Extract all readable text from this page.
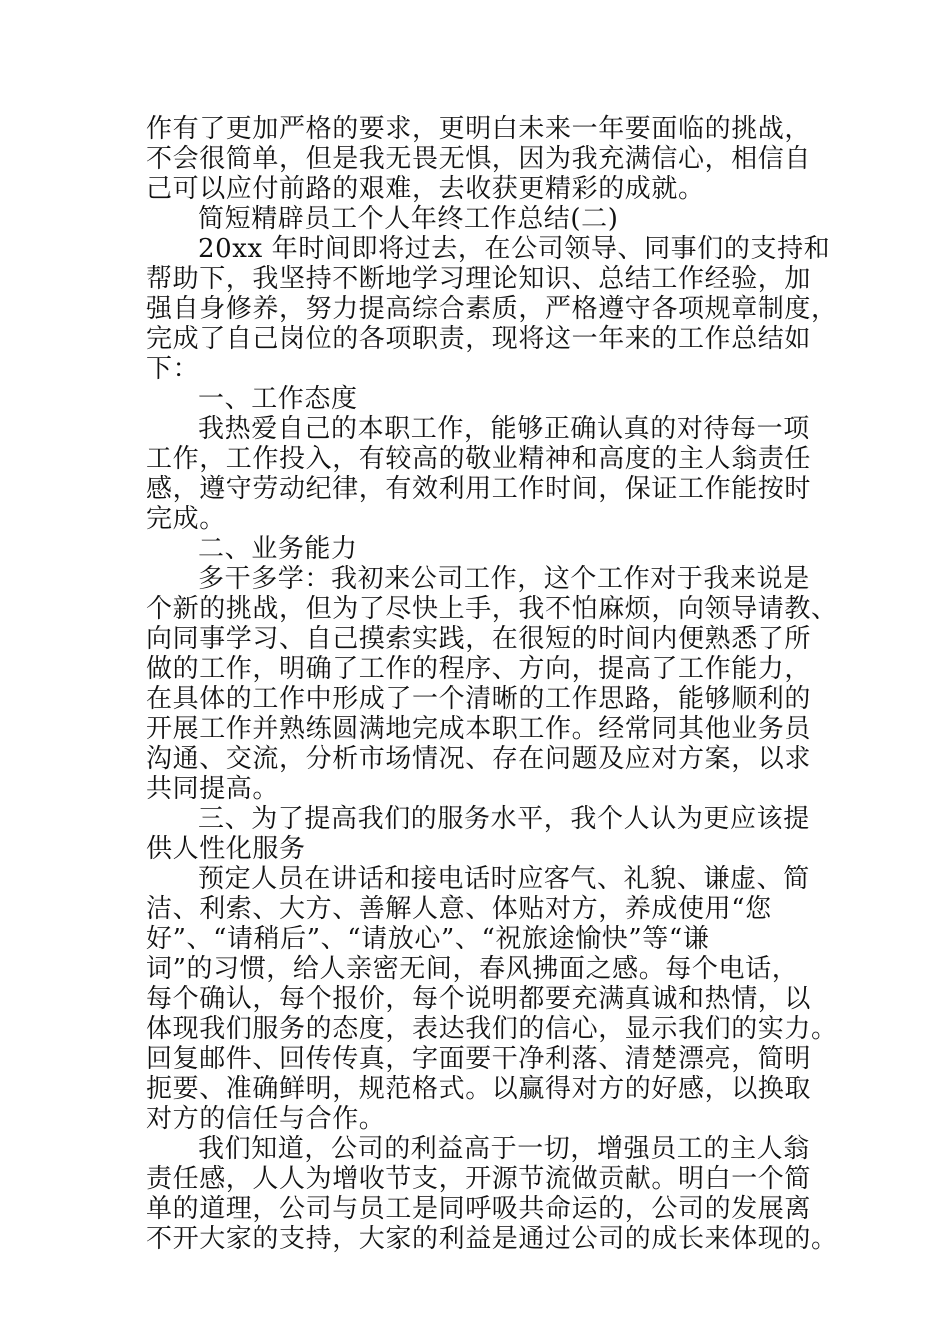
作有了更加严格的要求，更明白未来一年要面临的挑战，
不会很简单，但是我无畏无惧，因为我充满信心，相信自
己可以应付前路的艰难，去收获更精彩的成就。
简短精辟员工个人年终工作总结(二)
20xx 年时间即将过去，在公司领导、同事们的支持和
帮助下，我坚持不断地学习理论知识、总结工作经验，加
强自身修养，努力提高综合素质，严格遵守各项规章制度，
完成了自己岗位的各项职责，现将这一年来的工作总结如
下：
一、工作态度
我热爱自己的本职工作，能够正确认真的对待每一项
工作，工作投入，有较高的敬业精神和高度的主人翁责任
感，遵守劳动纪律，有效利用工作时间，保证工作能按时
完成。
二、业务能力
多干多学：我初来公司工作，这个工作对于我来说是
个新的挑战，但为了尽快上手，我不怕麻烦，向领导请教、
向同事学习、自己摸索实践，在很短的时间内便熟悉了所
做的工作，明确了工作的程序、方向，提高了工作能力，
在具体的工作中形成了一个清晰的工作思路，能够顺利的
开展工作并熟练圆满地完成本职工作。经常同其他业务员
沟通、交流，分析市场情况、存在问题及应对方案，以求
共同提高。
三、为了提高我们的服务水平，我个人认为更应该提
供人性化服务
预定人员在讲话和接电话时应客气、礼貌、谦虚、简
洁、利索、大方、善解人意、体贴对方，养成使用“您
好”、“请稍后”、“请放心”、“祝旅途愉快”等“谦
词”的习惯，给人亲密无间，春风拂面之感。每个电话，
每个确认，每个报价，每个说明都要充满真诚和热情，以
体现我们服务的态度，表达我们的信心，显示我们的实力。
回复邮件、回传传真，字面要干净利落、清楚漂亮，简明
扼要、准确鲜明，规范格式。以赢得对方的好感，以换取
对方的信任与合作。
我们知道，公司的利益高于一切，增强员工的主人翁
责任感，人人为增收节支，开源节流做贡献。明白一个简
单的道理，公司与员工是同呼吸共命运的，公司的发展离
不开大家的支持，大家的利益是通过公司的成长来体现的。
